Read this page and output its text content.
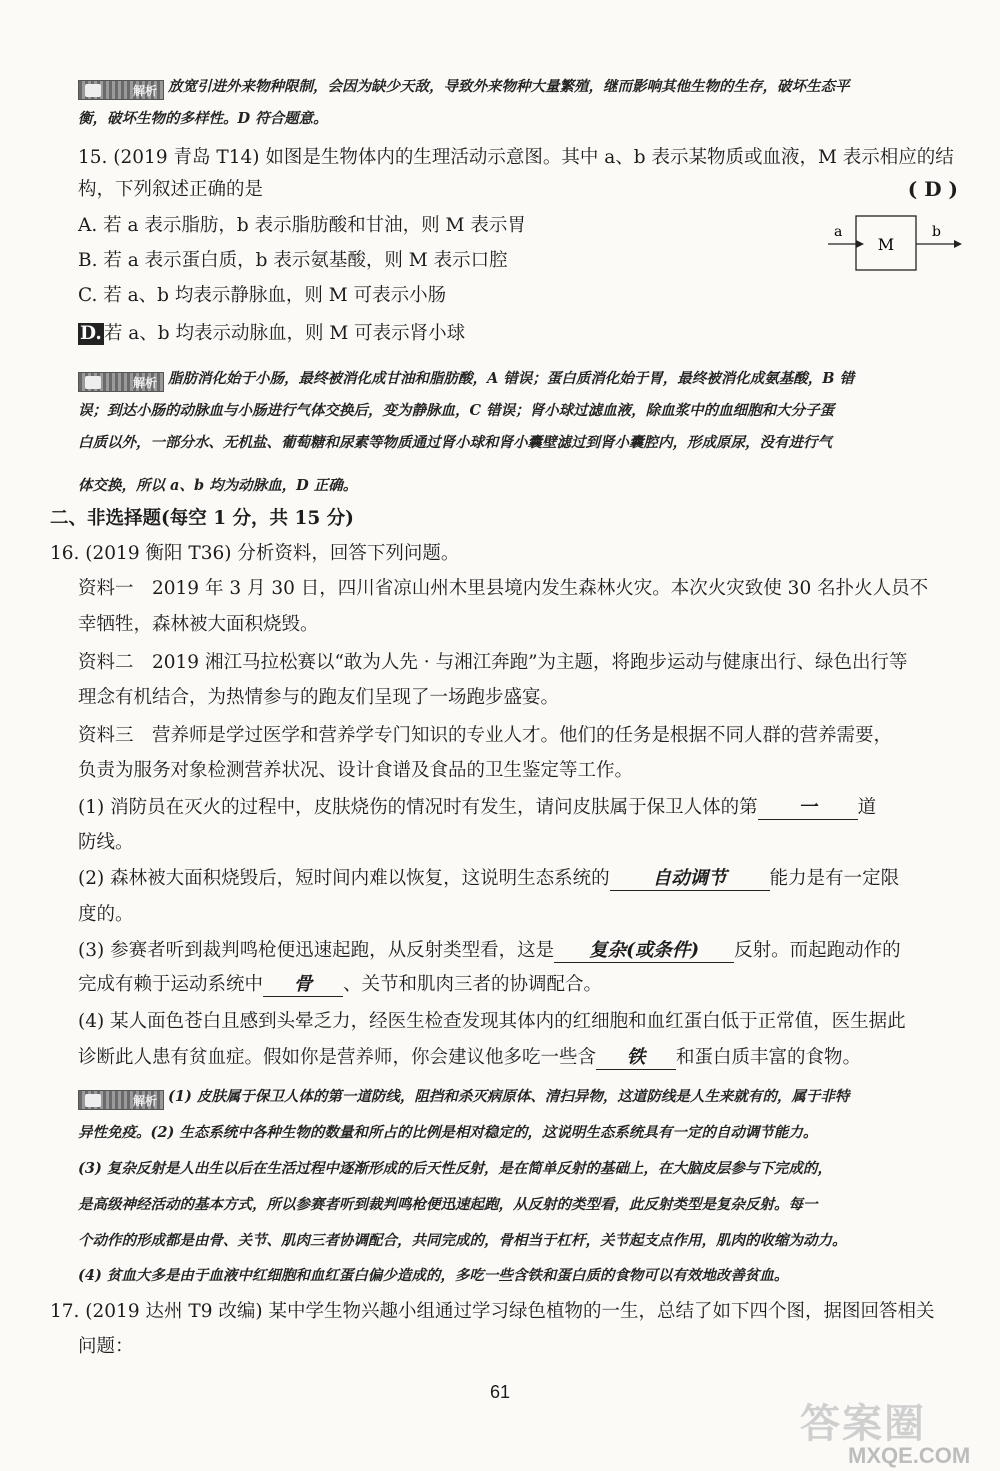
解析 放宽引进外来物种限制，会因为缺少天敌，导致外来物种大量繁殖，继而影响其他生物的生存，破坏生态平
衡，破坏生物的多样性。D 符合题意。
15. (2019 青岛 T14) 如图是生物体内的生理活动示意图。其中 a、b 表示某物质或血液，M 表示相应的结
构，下列叙述正确的是	( D )
A. 若 a 表示脂肪，b 表示脂肪酸和甘油，则 M 表示胃
B. 若 a 表示蛋白质，b 表示氨基酸，则 M 表示口腔
C. 若 a、b 均表示静脉血，则 M 可表示小肠
D. 若 a、b 均表示动脉血，则 M 可表示肾小球
a
M
b
解析 脂肪消化始于小肠，最终被消化成甘油和脂肪酸，A 错误；蛋白质消化始于胃，最终被消化成氨基酸，B 错
误；到达小肠的动脉血与小肠进行气体交换后，变为静脉血，C 错误；肾小球过滤血液，除血浆中的血细胞和大分子蛋
白质以外，一部分水、无机盐、葡萄糖和尿素等物质通过肾小球和肾小囊壁滤过到肾小囊腔内，形成原尿，没有进行气
体交换，所以 a、b 均为动脉血，D 正确。
二、非选择题(每空 1 分，共 15 分)
16. (2019 衡阳 T36) 分析资料，回答下列问题。
资料一　2019 年 3 月 30 日，四川省凉山州木里县境内发生森林火灾。本次火灾致使 30 名扑火人员不
幸牺牲，森林被大面积烧毁。
资料二　2019 湘江马拉松赛以“敢为人先 · 与湘江奔跑”为主题，将跑步运动与健康出行、绿色出行等
理念有机结合，为热情参与的跑友们呈现了一场跑步盛宴。
资料三　营养师是学过医学和营养学专门知识的专业人才。他们的任务是根据不同人群的营养需要，
负责为服务对象检测营养状况、设计食谱及食品的卫生鉴定等工作。
(1) 消防员在灭火的过程中，皮肤烧伤的情况时有发生，请问皮肤属于保卫人体的第 一 道
防线。
(2) 森林被大面积烧毁后，短时间内难以恢复，这说明生态系统的 自动调节 能力是有一定限
度的。
(3) 参赛者听到裁判鸣枪便迅速起跑，从反射类型看，这是 复杂(或条件) 反射。而起跑动作的
完成有赖于运动系统中 骨 、关节和肌肉三者的协调配合。
(4) 某人面色苍白且感到头晕乏力，经医生检查发现其体内的红细胞和血红蛋白低于正常值，医生据此
诊断此人患有贫血症。假如你是营养师，你会建议他多吃一些含 铁 和蛋白质丰富的食物。
解析 (1) 皮肤属于保卫人体的第一道防线，阻挡和杀灭病原体、清扫异物，这道防线是人生来就有的，属于非特
异性免疫。(2) 生态系统中各种生物的数量和所占的比例是相对稳定的，这说明生态系统具有一定的自动调节能力。
(3) 复杂反射是人出生以后在生活过程中逐渐形成的后天性反射，是在简单反射的基础上，在大脑皮层参与下完成的，
是高级神经活动的基本方式，所以参赛者听到裁判鸣枪便迅速起跑，从反射的类型看，此反射类型是复杂反射。每一
个动作的形成都是由骨、关节、肌肉三者协调配合，共同完成的，骨相当于杠杆，关节起支点作用，肌肉的收缩为动力。
(4) 贫血大多是由于血液中红细胞和血红蛋白偏少造成的，多吃一些含铁和蛋白质的食物可以有效地改善贫血。
17. (2019 达州 T9 改编) 某中学生物兴趣小组通过学习绿色植物的一生，总结了如下四个图，据图回答相关
问题：
61
答案圈
MXQE.COM
